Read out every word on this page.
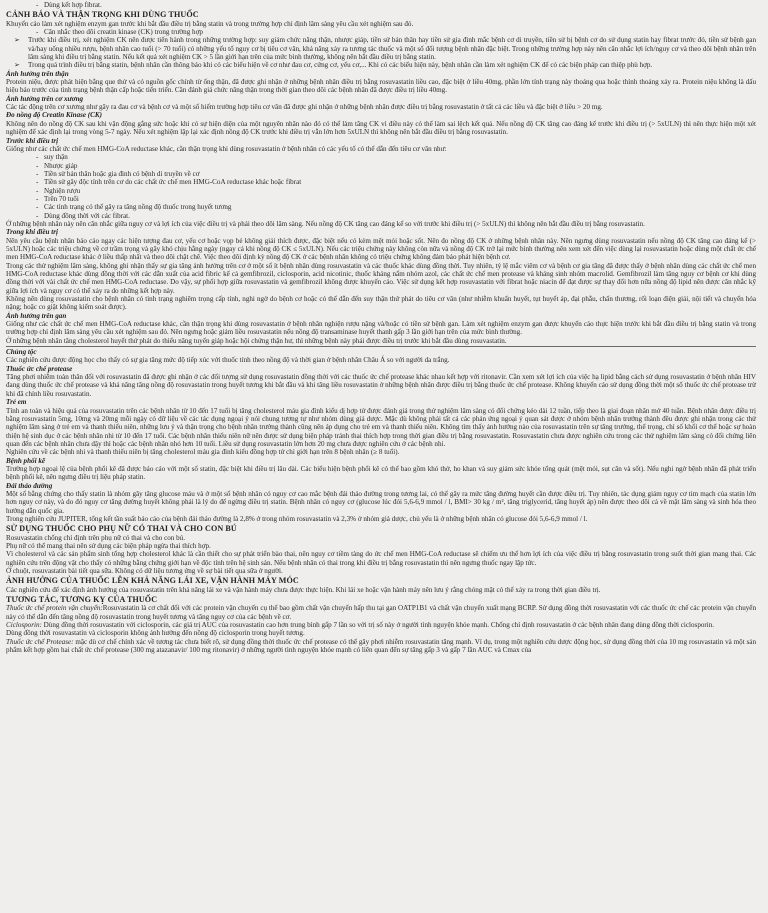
- Dùng kết hợp fibrat.
CẢNH BÁO VÀ THẬN TRỌNG KHI DÙNG THUỐC

Khuyến cáo làm xét nghiệm enzym gan trước khi bắt đầu điều trị bằng statin và trong trường hợp chỉ định lâm sàng yêu cầu xét nghiệm sau đó.

- Cân nhắc theo dõi creatin kinase (CK) trong trường hợp

➢ Trước khi điều trị, xét nghiệm CK nên được tiến hành trong những trường hợp: suy giảm chức năng thận, nhược giáp, tiền sử bản thân hay tiền sử gia đình mắc bệnh cơ di truyền, tiền sử bị bệnh cơ do sử dụng statin hay fibrat trước đó, tiền sử bệnh gan và/hay uống nhiều rượu, bệnh nhân cao tuổi (> 70 tuổi) có những yếu tố nguy cơ bị tiêu cơ vân, khả năng xảy ra tương tác thuốc và một số đối tượng bệnh nhân đặc biệt. Trong những trường hợp này nên cân nhắc lợi ích/nguy cơ và theo dõi bệnh nhân trên lâm sàng khi điều trị bằng statin. Nếu kết quả xét nghiệm CK > 5 lần giới hạn trên của mức bình thường, không nên bắt đầu điều trị bằng statin.

➢ Trong quá trình điều trị bằng statin, bệnh nhân cần thông báo khi có các biểu hiện về cơ như đau cơ, cứng cơ, yếu cơ,... Khi có các biểu hiện này, bệnh nhân cần làm xét nghiệm CK để có các biện pháp can thiệp phù hợp.

Ảnh hưởng trên thận

Protein niệu, được phát hiện bằng que thử và có nguồn gốc chính từ ống thận, đã được ghi nhận ở những bệnh nhân điều trị bằng rosuvastatin liều cao, đặc biệt ở liều 40mg, phần lớn tính trạng này thoáng qua hoặc thỉnh thoảng xảy ra. Protein niệu không là dấu hiệu báo trước của tình trạng bệnh thận cấp hoặc tiến triển. Cần đánh giá chức năng thận trong thời gian theo dõi các bệnh nhân đã được điều trị liều 40mg.

Ảnh hưởng trên cơ xương

Các tác động trên cơ xương như gây ra đau cơ và bệnh cơ và một số hiếm trường hợp tiêu cơ vân đã được ghi nhận ở những bệnh nhân được điều trị bằng rosuvastatin ở tất cả các liều và đặc biệt ở liều > 20 mg.

Đo nồng độ Creatin Kinase (CK)

Không nên đo nồng độ CK sau khi vận động gắng sức hoặc khi có sự hiện diện của một nguyên nhân nào đó có thể làm tăng CK vì điều này có thể làm sai lệch kết quả. Nếu nồng độ CK tăng cao đáng kể trước khi điều trị (> 5xULN) thì nên thực hiện một xét nghiệm để xác định lại trong vòng 5-7 ngày. Nếu xét nghiệm lặp lại xác định nồng độ CK trước khi điều trị vẫn lớn hơn 5xULN thì không nên bắt đầu điều trị bằng rosuvastatin.

Trước khi điều trị

Giống như các chất ức chế men HMG-CoA reductase khác, cần thận trọng khi dùng rosuvastatin ở bệnh nhân có các yếu tố có thể dẫn đến tiêu cơ vân như:

- suy thận
- Nhược giáp
- Tiền sử bản thân hoặc gia đình có bệnh di truyền về cơ
- Tiền sử gây độc tính trên cơ do các chất ức chế men HMG-CoA reductase khác hoặc fibrat
- Nghiện rượu
- Trên 70 tuổi
- Các tình trạng có thể gây ra tăng nồng độ thuốc trong huyết tương
- Dùng đồng thời với các fibrat.

Ở những bệnh nhân này nên cân nhắc giữa nguy cơ và lợi ích của việc điều trị và phải theo dõi lâm sàng. Nếu nồng độ CK tăng cao đáng kể so với trước khi điều trị (> 5xULN) thì không nên bắt đầu điều trị bằng rosuvastatin.

Trong khi điều trị

Nên yêu cầu bệnh nhân báo cáo ngay các hiện tượng đau cơ, yếu cơ hoặc vọp bẻ không giải thích được, đặc biệt nếu có kèm mệt mỏi hoặc sốt. Nên đo nồng độ CK ở những bệnh nhân này. Nên ngưng dùng rosuvastatin nếu nồng độ CK tăng cao đáng kể (> 5xULN) hoặc các triệu chứng về cơ trầm trọng và gây khó chịu hằng ngày (ngay cả khi nồng độ CK ≤ 5xULN). Nếu các triệu chứng này không còn nữa và nồng độ CK trở lại mức bình thường nên xem xét đến việc dùng lại rosuvastatin hoặc dùng một chất ức chế men HMG-CoA reductase khác ở liều thấp nhất và theo dõi chặt chẽ. Việc theo dõi định kỳ nồng độ CK ở các bệnh nhân không có triệu chứng không đảm bảo phát hiện bệnh cơ.

Trong các thử nghiệm lâm sàng, không ghi nhận thấy sự gia tăng ảnh hưởng trên cơ ở một số ít bệnh nhân dùng rosuvastatin và các thuốc khác dùng đồng thời. Tuy nhiên, tỷ lệ mắc viêm cơ và bệnh cơ gia tăng đã được thấy ở bệnh nhân dùng các chất ức chế men HMG-CoA reductase khác dùng đồng thời với các dẫn xuất của acid fibric kể cả gemfibrozil, ciclosporin, acid nicotinic, thuốc kháng nấm nhóm azol, các chất ức chế men protease và kháng sinh nhóm macrolid. Gemfibrozil làm tăng nguy cơ bệnh cơ khi dùng đồng thời với vài chất ức chế men HMG-CoA reductase. Do vậy, sự phối hợp giữa rosuvastatin và gemfibrozil không được khuyến cáo. Việc sử dụng kết hợp rosuvastatin với fibrat hoặc niacin để đạt được sự thay đổi hơn nữa nồng độ lipid nên được cân nhắc kỹ giữa lợi ích và nguy cơ có thể xảy ra do những kết hợp này.

Không nên dùng rosuvastatin cho bệnh nhân có tình trạng nghiêm trọng cấp tính, nghi ngờ do bệnh cơ hoặc có thể dẫn đến suy thận thứ phát do tiêu cơ vân (như nhiễm khuẩn huyết, tụt huyết áp, đại phẫu, chấn thương, rối loạn điện giải, nội tiết và chuyển hóa nặng; hoặc co giật không kiểm soát được).

Ảnh hưởng trên gan

Giống như các chất ức chế men HMG-CoA reductase khác, cần thận trọng khi dùng rosuvastatin ở bệnh nhân nghiện rượu nặng và/hoặc có tiền sử bệnh gan. Làm xét nghiệm enzym gan được khuyến cáo thực hiện trước khi bắt đầu điều trị bằng statin và trong trường hợp chỉ định lâm sàng yêu cầu xét nghiệm sau đó. Nên ngưng hoặc giảm liều rosuvastatin nếu nồng độ transaminase huyết thanh gấp 3 lần giới hạn trên của mức bình thường.

Ở những bệnh nhân tăng cholesterol huyết thứ phát do thiểu năng tuyến giáp hoặc hội chứng thận hư, thì những bệnh này phải được điều trị trước khi bắt đầu dùng rosuvastatin.

Chủng tộc

Các nghiên cứu được động học cho thấy có sự gia tăng mức độ tiếp xúc với thuốc tính theo nồng độ và thời gian ở bệnh nhân Châu Á so với người da trắng.

Thuốc ức chế protease

Tăng phơi nhiễm toàn thân đối với rosuvastatin đã được ghi nhận ở các đối tượng sử dụng rosuvastatin đồng thời với các thuốc ức chế protease khác nhau kết hợp với ritonavir. Cần xem xét lợi ích của việc hạ lipid bằng cách sử dụng rosuvastatin ở bệnh nhân HIV đang dùng thuốc ức chế protease và khả năng tăng nồng độ rosuvastatin trong huyết tương khi bắt đầu và khi tăng liều rosuvastatin ở những bệnh nhân được điều trị bằng thuốc ức chế protease. Không khuyến cáo sử dụng đồng thời một số thuốc ức chế protease trừ khi đã chỉnh liều rosuvastatin.

Trẻ em

Tính an toàn và hiệu quả của rosuvastatin trên các bệnh nhân từ 10 đến 17 tuổi bị tăng cholesterol máu gia đình kiểu dị hợp tử được đánh giá trong thử nghiệm lâm sàng có đối chứng kéo dài 12 tuần, tiếp theo là giai đoạn nhãn mở 40 tuần. Bệnh nhân được điều trị bằng rosuvastatin 5mg, 10mg và 20mg mỗi ngày có dữ liệu về các tác dụng ngoại ý nói chung tương tự như nhóm dùng giả dược. Mặc dù không phải tất cả các phản ứng ngoại ý quan sát được ở nhóm bệnh nhân trưởng thành đều được ghi nhận trong các thử nghiệm lâm sàng ở trẻ em và thanh thiếu niên, những lưu ý và thận trọng cho bệnh nhân trưởng thành cũng nên áp dụng cho trẻ em và thanh thiếu niên. Không tìm thấy ảnh hưởng nào của rosuvastatin trên sự tăng trưởng, thể trọng, chỉ số khối cơ thể hoặc sự hoàn thiện hệ sinh dục ở các bệnh nhân nhi từ 10 đến 17 tuổi. Các bệnh nhân thiếu niên nữ nên được sử dụng biện pháp tránh thai thích hợp trong thời gian điều trị bằng rosuvastatin. Rosuvastatin chưa được nghiên cứu trong các thử nghiệm lâm sàng có đối chứng liên quan đến các bệnh nhân chưa dậy thì hoặc các bệnh nhân nhỏ hơn 10 tuổi. Liều sử dụng rosuvastatin lớn hơn 20 mg chưa được nghiên cứu ở các bệnh nhi.

Nghiên cứu về các bệnh nhi và thanh thiếu niên bị tăng cholesterol máu gia đình kiểu đồng hợp tử chỉ giới hạn trên 8 bệnh nhân (≥ 8 tuổi).

Bệnh phổi kẽ

Trường hợp ngoại lệ của bệnh phổi kẽ đã được báo cáo với một số statin, đặc biệt khi điều trị lâu dài. Các biểu hiện bệnh phổi kẽ có thể bao gồm khó thở, ho khan và suy giảm sức khỏe tổng quát (mệt mỏi, sụt cân và sốt). Nếu nghi ngờ bệnh nhân đã phát triển bệnh phổi kẽ, nên ngưng điều trị liệu pháp statin.

Đái tháo đường

Một số bằng chứng cho thấy statin là nhóm gây tăng glucose máu và ở một số bệnh nhân có nguy cơ cao mắc bệnh đái tháo đường trong tương lai, có thể gây ra mức tăng đường huyết cần được điều trị. Tuy nhiên, tác dụng giảm nguy cơ tim mạch của statin lớn hơn nguy cơ này, và do đó nguy cơ tăng đường huyết không phải là lý do để ngừng điều trị statin. Bệnh nhân có nguy cơ (glucose lúc đói 5,6-6,9 mmol / l, BMI> 30 kg / m², tăng triglycerid, tăng huyết áp) nên được theo dõi cả về mặt lâm sàng và sinh hóa theo hướng dẫn quốc gia.

Trong nghiên cứu JUPITER, tổng kết tần suất báo cáo của bệnh đái tháo đường là 2,8% ở trong nhóm rosuvastatin và 2,3% ở nhóm giả dược, chủ yếu là ở những bệnh nhân có glucose đói 5,6-6,9 mmol / l.

SỬ DỤNG THUỐC CHO PHỤ NỮ CÓ THAI VÀ CHO CON BÚ

Rosuvastatin chống chỉ định trên phụ nữ có thai và cho con bú.

Phụ nữ có thể mang thai nên sử dụng các biện pháp ngừa thai thích hợp.

Vì cholesterol và các sản phẩm sinh tổng hợp cholesterol khác là cần thiết cho sự phát triển bào thai, nên nguy cơ tiềm tàng do ức chế men HMG-CoA reductase sẽ chiếm ưu thế hơn lợi ích của việc điều trị bằng rosuvastatin trong suốt thời gian mang thai. Các nghiên cứu trên động vật cho thấy có những bằng chứng giới hạn về độc tính trên hệ sinh sản. Nếu bệnh nhân có thai trong khi điều trị bằng rosuvastatin thì nên ngưng thuốc ngay lập tức.

Ở chuột, rosuvastatin bài tiết qua sữa. Không có dữ liệu tương ứng về sự bài tiết qua sữa ở người.

ẢNH HƯỞNG CỦA THUỐC LÊN KHẢ NĂNG LÁI XE, VẬN HÀNH MÁY MÓC

Các nghiên cứu để xác định ảnh hưởng của rosuvastatin trên khả năng lái xe và vận hành máy chưa được thực hiện. Khi lái xe hoặc vận hành máy nên lưu ý rằng chóng mặt có thể xảy ra trong thời gian điều trị.

TƯƠNG TÁC, TƯƠNG KỴ CỦA THUỐC

Thuốc ức chế protein vận chuyển:Rosuvastatin là cơ chất đối với các protein vận chuyển cụ thể bao gồm chất vận chuyển hấp thu tại gan OATP1B1 và chất vận chuyển xuất mạng BCRP. Sử dụng đồng thời rosuvastatin với các thuốc ức chế các protein vận chuyển này có thể dẫn đến tăng nồng độ rosuvastatin trong huyết tương và tăng nguy cơ của các bệnh về cơ.

Ciclosporin: Dùng đồng thời rosuvastatin với ciclosporin, các giá trị AUC của rosuvastatin cao hơn trung bình gấp 7 lần so với trị số này ở người tình nguyện khỏe mạnh. Chống chỉ định rosuvastatin ở các bệnh nhân đang dùng đồng thời ciclosporin.

Dùng đồng thời rosuvastatin và ciclosporin không ảnh hưởng đến nồng độ ciclosporin trong huyết tương.

Thuốc ức chế Protease: mặc dù cơ chế chính xác về tương tác chưa biết rõ, sử dụng đồng thời thuốc ức chế protease có thể gây phơi nhiễm rosuvastatin tăng mạnh. Ví dụ, trong một nghiên cứu dược động học, sử dụng đồng thời của 10 mg rosuvastatin và một sản phẩm kết hợp gồm hai chất ức chế protease (300 mg atazanavir/ 100 mg ritonavir) ở những người tình nguyện khỏe mạnh có liên quan đến sự tăng gấp 3 và gấp 7 lần AUC và Cmax của
